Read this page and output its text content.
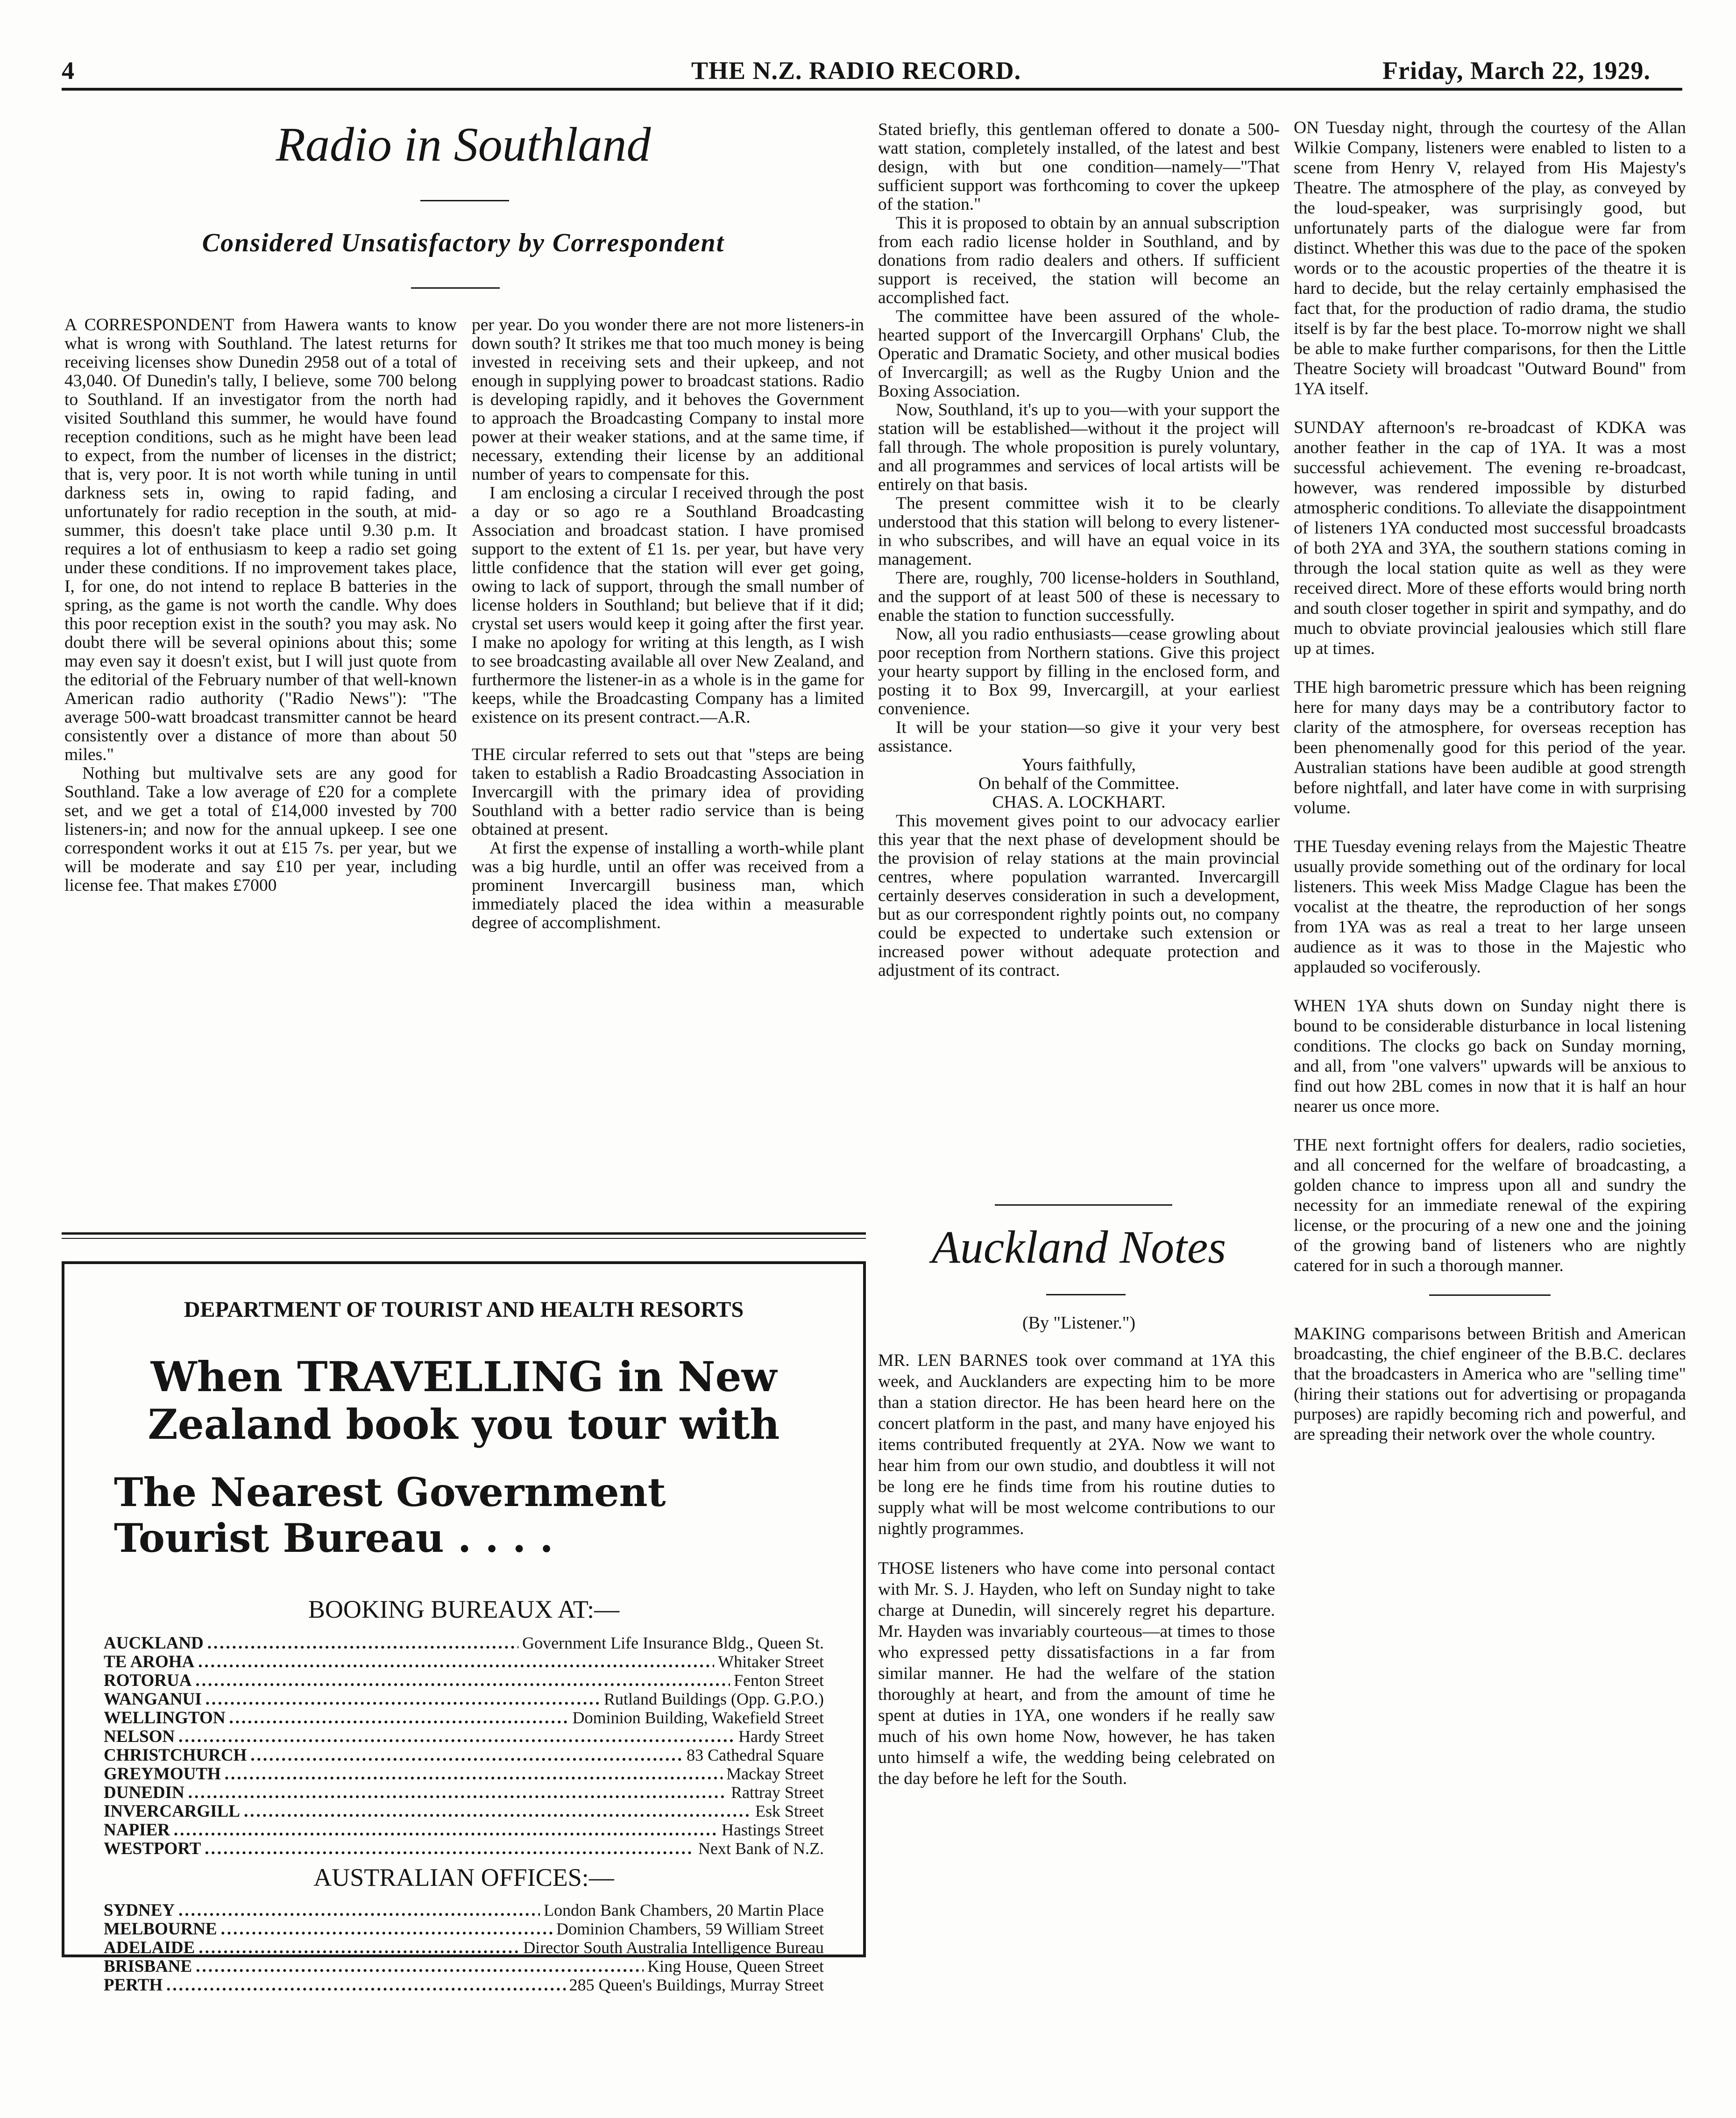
4	THE N.Z. RADIO RECORD.	Friday, March 22, 1929.
Radio in Southland
Considered Unsatisfactory by Correspondent

A CORRESPONDENT from Hawera wants to know what is wrong with Southland. The latest returns for receiving licenses show Dunedin 2958 out of a total of 43,040. Of Dunedin's tally, I believe, some 700 belong to Southland. If an investigator from the north had visited Southland this summer, he would have found reception conditions, such as he might have been lead to expect, from the number of licenses in the district; that is, very poor. It is not worth while tuning in until darkness sets in, owing to rapid fading, and unfortunately for radio reception in the south, at mid-summer, this doesn't take place until 9.30 p.m. It requires a lot of enthusiasm to keep a radio set going under these conditions. If no improvement takes place, I, for one, do not intend to replace B batteries in the spring, as the game is not worth the candle. Why does this poor reception exist in the south? you may ask. No doubt there will be several opinions about this; some may even say it doesn't exist, but I will just quote from the editorial of the February number of that well-known American radio authority ("Radio News"): "The average 500-watt broadcast transmitter cannot be heard consistently over a distance of more than about 50 miles."

Nothing but multivalve sets are any good for Southland. Take a low average of £20 for a complete set, and we get a total of £14,000 invested by 700 listeners-in; and now for the annual upkeep. I see one correspondent works it out at £15 7s. per year, but we will be moderate and say £10 per year, including license fee. That makes £7000

per year. Do you wonder there are not more listeners-in down south? It strikes me that too much money is being invested in receiving sets and their upkeep, and not enough in supplying power to broadcast stations. Radio is developing rapidly, and it behoves the Government to approach the Broadcasting Company to instal more power at their weaker stations, and at the same time, if necessary, extending their license by an additional number of years to compensate for this.

I am enclosing a circular I received through the post a day or so ago re a Southland Broadcasting Association and broadcast station. I have promised support to the extent of £1 1s. per year, but have very little confidence that the station will ever get going, owing to lack of support, through the small number of license holders in Southland; but believe that if it did; crystal set users would keep it going after the first year. I make no apology for writing at this length, as I wish to see broadcasting available all over New Zealand, and furthermore the listener-in as a whole is in the game for keeps, while the Broadcasting Company has a limited existence on its present contract.—A.R.

THE circular referred to sets out that "steps are being taken to establish a Radio Broadcasting Association in Invercargill with the primary idea of providing Southland with a better radio service than is being obtained at present.

At first the expense of installing a worth-while plant was a big hurdle, until an offer was received from a prominent Invercargill business man, which immediately placed the idea within a measurable degree of accomplishment.

Stated briefly, this gentleman offered to donate a 500-watt station, completely installed, of the latest and best design, with but one condition—namely—"That sufficient support was forthcoming to cover the upkeep of the station."

This it is proposed to obtain by an annual subscription from each radio license holder in Southland, and by donations from radio dealers and others. If sufficient support is received, the station will become an accomplished fact.

The committee have been assured of the whole-hearted support of the Invercargill Orphans' Club, the Operatic and Dramatic Society, and other musical bodies of Invercargill; as well as the Rugby Union and the Boxing Association.

Now, Southland, it's up to you—with your support the station will be established—without it the project will fall through. The whole proposition is purely voluntary, and all programmes and services of local artists will be entirely on that basis.

The present committee wish it to be clearly understood that this station will belong to every listener-in who subscribes, and will have an equal voice in its management.

There are, roughly, 700 license-holders in Southland, and the support of at least 500 of these is necessary to enable the station to function successfully.

Now, all you radio enthusiasts—cease growling about poor reception from Northern stations. Give this project your hearty support by filling in the enclosed form, and posting it to Box 99, Invercargill, at your earliest convenience.

It will be your station—so give it your very best assistance.

Yours faithfully,

On behalf of the Committee.

CHAS. A. LOCKHART.

This movement gives point to our advocacy earlier this year that the next phase of development should be the provision of relay stations at the main provincial centres, where population warranted. Invercargill certainly deserves consideration in such a development, but as our correspondent rightly points out, no company could be expected to undertake such extension or increased power without adequate protection and adjustment of its contract.

DEPARTMENT OF TOURIST AND HEALTH RESORTS
When TRAVELLING in New
Zealand book you tour with
The Nearest Government
Tourist Bureau . . . .
BOOKING BUREAUX AT:—
AUCKLAND .....	Government Life Insurance Bldg., Queen St.
TE AROHA .....	Whitaker Street
ROTORUA .....	Fenton Street
WANGANUI .....	Rutland Buildings (Opp. G.P.O.)
WELLINGTON .....	Dominion Building, Wakefield Street
NELSON .....	Hardy Street
CHRISTCHURCH .....	83 Cathedral Square
GREYMOUTH .....	Mackay Street
DUNEDIN .....	Rattray Street
INVERCARGILL .....	Esk Street
NAPIER .....	Hastings Street
WESTPORT .....	Next Bank of N.Z.
AUSTRALIAN OFFICES:—
SYDNEY .....	London Bank Chambers, 20 Martin Place
MELBOURNE .....	Dominion Chambers, 59 William Street
ADELAIDE .....	Director South Australia Intelligence Bureau
BRISBANE .....	King House, Queen Street
PERTH .....	285 Queen's Buildings, Murray Street
Auckland Notes
(By "Listener.")

MR. LEN BARNES took over command at 1YA this week, and Aucklanders are expecting him to be more than a station director. He has been heard here on the concert platform in the past, and many have enjoyed his items contributed frequently at 2YA. Now we want to hear him from our own studio, and doubtless it will not be long ere he finds time from his routine duties to supply what will be most welcome contributions to our nightly programmes.

THOSE listeners who have come into personal contact with Mr. S. J. Hayden, who left on Sunday night to take charge at Dunedin, will sincerely regret his departure. Mr. Hayden was invariably courteous—at times to those who expressed petty dissatisfactions in a far from similar manner. He had the welfare of the station thoroughly at heart, and from the amount of time he spent at duties in 1YA, one wonders if he really saw much of his own home Now, however, he has taken unto himself a wife, the wedding being celebrated on the day before he left for the South.

ON Tuesday night, through the courtesy of the Allan Wilkie Company, listeners were enabled to listen to a scene from Henry V, relayed from His Majesty's Theatre. The atmosphere of the play, as conveyed by the loud-speaker, was surprisingly good, but unfortunately parts of the dialogue were far from distinct. Whether this was due to the pace of the spoken words or to the acoustic properties of the theatre it is hard to decide, but the relay certainly emphasised the fact that, for the production of radio drama, the studio itself is by far the best place. To-morrow night we shall be able to make further comparisons, for then the Little Theatre Society will broadcast "Outward Bound" from 1YA itself.

SUNDAY afternoon's re-broadcast of KDKA was another feather in the cap of 1YA. It was a most successful achievement. The evening re-broadcast, however, was rendered impossible by disturbed atmospheric conditions. To alleviate the disappointment of listeners 1YA conducted most successful broadcasts of both 2YA and 3YA, the southern stations coming in through the local station quite as well as they were received direct. More of these efforts would bring north and south closer together in spirit and sympathy, and do much to obviate provincial jealousies which still flare up at times.

THE high barometric pressure which has been reigning here for many days may be a contributory factor to clarity of the atmosphere, for overseas reception has been phenomenally good for this period of the year. Australian stations have been audible at good strength before nightfall, and later have come in with surprising volume.

THE Tuesday evening relays from the Majestic Theatre usually provide something out of the ordinary for local listeners. This week Miss Madge Clague has been the vocalist at the theatre, the reproduction of her songs from 1YA was as real a treat to her large unseen audience as it was to those in the Majestic who applauded so vociferously.

WHEN 1YA shuts down on Sunday night there is bound to be considerable disturbance in local listening conditions. The clocks go back on Sunday morning, and all, from "one valvers" upwards will be anxious to find out how 2BL comes in now that it is half an hour nearer us once more.

THE next fortnight offers for dealers, radio societies, and all concerned for the welfare of broadcasting, a golden chance to impress upon all and sundry the necessity for an immediate renewal of the expiring license, or the procuring of a new one and the joining of the growing band of listeners who are nightly catered for in such a thorough manner.

MAKING comparisons between British and American broadcasting, the chief engineer of the B.B.C. declares that the broadcasters in America who are "selling time" (hiring their stations out for advertising or propaganda purposes) are rapidly becoming rich and powerful, and are spreading their network over the whole country.
